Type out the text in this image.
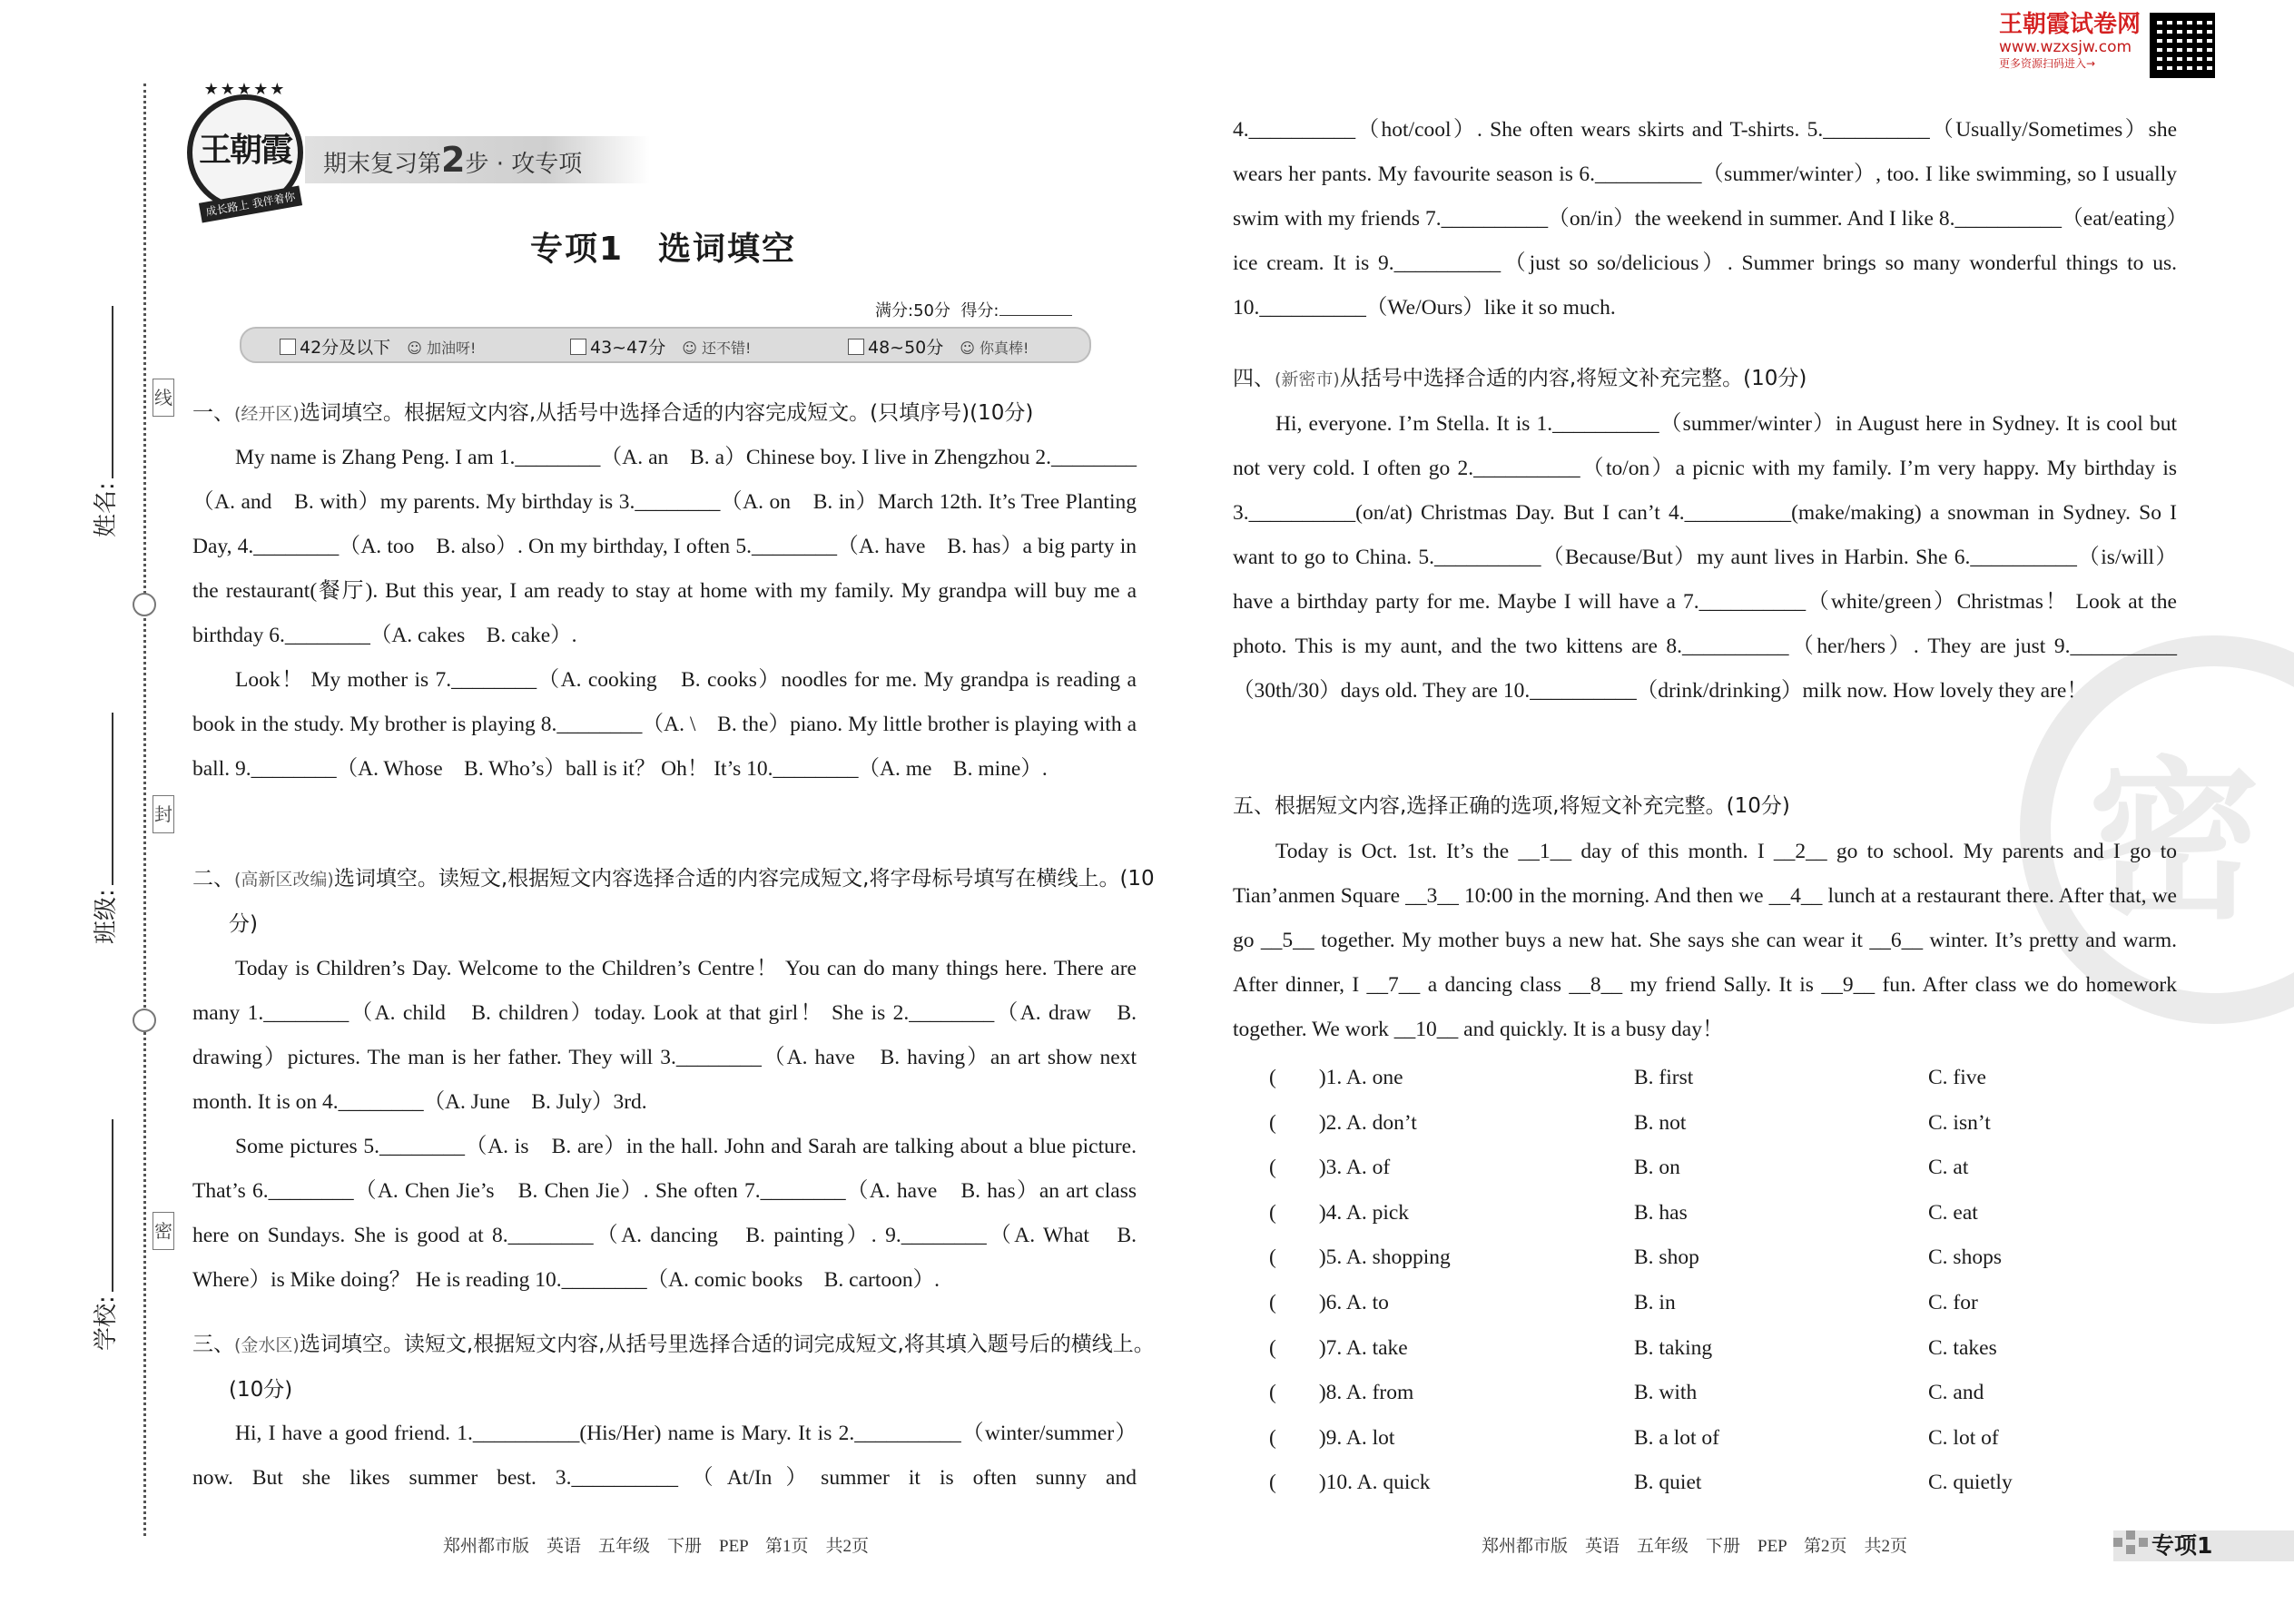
线
封
密
姓名:
班级:
学校:
★★★★★
王朝霞
成长路上 我伴着你
期末复习第2步 · 攻专项
专项1　选词填空
满分:50分 得分:
42分及以下 ☺ 加油呀!	43~47分 ☺ 还不错!	48~50分 ☺ 你真棒!
一、(经开区)选词填空。根据短文内容,从括号中选择合适的内容完成短文。(只填序号)(10分)
My name is Zhang Peng. I am 1.________（A. an　B. a）Chinese boy. I live in Zhengzhou 2.________（A. and　B. with）my parents. My birthday is 3.________（A. on　B. in）March 12th. It’s Tree Planting Day, 4.________（A. too　B. also）. On my birthday, I often 5.________（A. have　B. has）a big party in the restaurant(餐厅). But this year, I am ready to stay at home with my family. My grandpa will buy me a birthday 6.________（A. cakes　B. cake）.
Look！ My mother is 7.________（A. cooking　B. cooks）noodles for me. My grandpa is reading a book in the study. My brother is playing 8.________（A. \　B. the）piano. My little brother is playing with a ball. 9.________（A. Whose　B. Who’s）ball is it？ Oh！ It’s 10.________（A. me　B. mine）.
二、(高新区改编)选词填空。读短文,根据短文内容选择合适的内容完成短文,将字母标号填写在横线上。(10分)
Today is Children’s Day. Welcome to the Children’s Centre！ You can do many things here. There are many 1.________（A. child　B. children）today. Look at that girl！ She is 2.________（A. draw　B. drawing）pictures. The man is her father. They will 3.________（A. have　B. having）an art show next month. It is on 4.________（A. June　B. July）3rd.
Some pictures 5.________（A. is　B. are）in the hall. John and Sarah are talking about a blue picture. That’s 6.________（A. Chen Jie’s　B. Chen Jie）. She often 7.________（A. have　B. has）an art class here on Sundays. She is good at 8.________（A. dancing　B. painting）. 9.________（A. What　B. Where）is Mike doing？ He is reading 10.________（A. comic books　B. cartoon）.
三、(金水区)选词填空。读短文,根据短文内容,从括号里选择合适的词完成短文,将其填入题号后的横线上。(10分)
Hi, I have a good friend. 1.__________(His/Her) name is Mary. It is 2.__________（winter/summer）now. But she likes summer best. 3.__________（At/In）summer it is often sunny and
郑州都市版　英语　五年级　下册　PEP　第1页　共2页
王朝霞试卷网
www.wzxsjw.com
更多资源扫码进入→
密
4.__________（hot/cool）. She often wears skirts and T-shirts. 5.__________（Usually/Sometimes）she wears her pants. My favourite season is 6.__________（summer/winter）, too. I like swimming, so I usually swim with my friends 7.__________（on/in）the weekend in summer. And I like 8.__________（eat/eating）ice cream. It is 9.__________（just so so/delicious）. Summer brings so many wonderful things to us. 10.__________（We/Ours）like it so much.
四、(新密市)从括号中选择合适的内容,将短文补充完整。(10分)
Hi, everyone. I’m Stella. It is 1.__________（summer/winter）in August here in Sydney. It is cool but not very cold. I often go 2.__________（to/on）a picnic with my family. I’m very happy. My birthday is 3.__________(on/at) Christmas Day. But I can’t 4.__________(make/making) a snowman in Sydney. So I want to go to China. 5.__________（Because/But）my aunt lives in Harbin. She 6.__________（is/will）have a birthday party for me. Maybe I will have a 7.__________（white/green）Christmas！ Look at the photo. This is my aunt, and the two kittens are 8.__________（her/hers）. They are just 9.__________（30th/30）days old. They are 10.__________（drink/drinking）milk now. How lovely they are！
五、根据短文内容,选择正确的选项,将短文补充完整。(10分)
Today is Oct. 1st. It’s the __1__ day of this month. I __2__ go to school. My parents and I go to Tian’anmen Square __3__ 10:00 in the morning. And then we __4__ lunch at a restaurant there. After that, we go __5__ together. My mother buys a new hat. She says she can wear it __6__ winter. It’s pretty and warm. After dinner, I __7__ a dancing class __8__ my friend Sally. It is __9__ fun. After class we do homework together. We work __10__ and quickly. It is a busy day！
(　　)1. A. one	B. first	C. five
(　　)2. A. don’t	B. not	C. isn’t
(　　)3. A. of	B. on	C. at
(　　)4. A. pick	B. has	C. eat
(　　)5. A. shopping	B. shop	C. shops
(　　)6. A. to	B. in	C. for
(　　)7. A. take	B. taking	C. takes
(　　)8. A. from	B. with	C. and
(　　)9. A. lot	B. a lot of	C. lot of
(　　)10. A. quick	B. quiet	C. quietly
郑州都市版　英语　五年级　下册　PEP　第2页　共2页	专项1
